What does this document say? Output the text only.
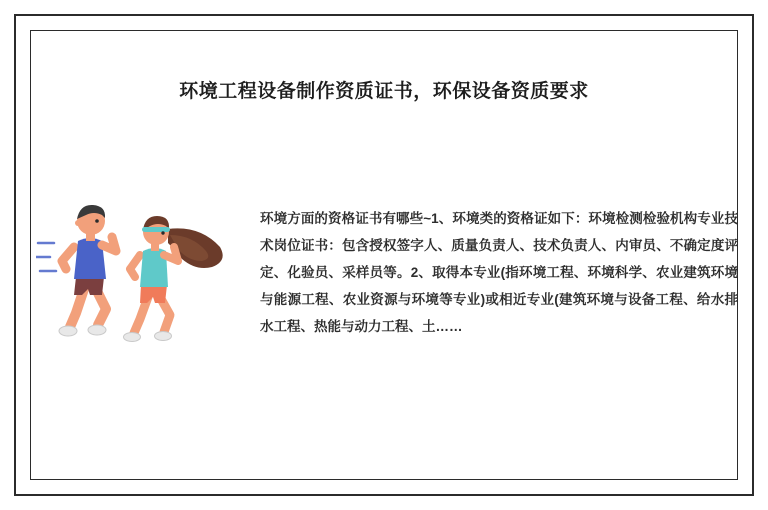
环境工程设备制作资质证书，环保设备资质要求
环境方面的资格证书有哪些~1、环境类的资格证如下：环境检测检验机构专业技术岗位证书：包含授权签字人、质量负责人、技术负责人、内审员、不确定度评定、化验员、采样员等。2、取得本专业(指环境工程、环境科学、农业建筑环境与能源工程、农业资源与环境等专业)或相近专业(建筑环境与设备工程、给水排水工程、热能与动力工程、土……
